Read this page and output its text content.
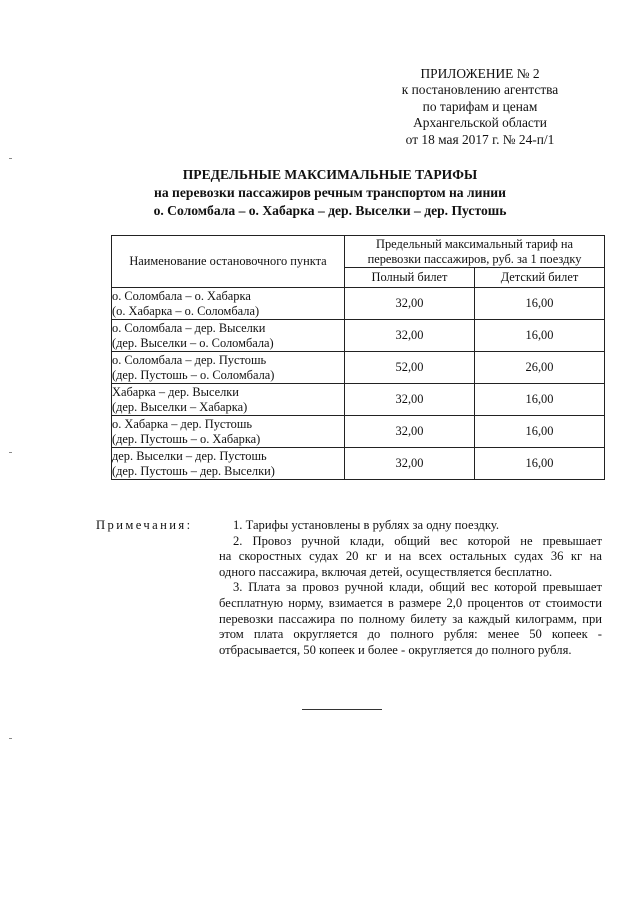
ПРИЛОЖЕНИЕ № 2
к постановлению агентства
по тарифам и ценам
Архангельской области
от 18 мая 2017 г. № 24-п/1
ПРЕДЕЛЬНЫЕ МАКСИМАЛЬНЫЕ ТАРИФЫ
на перевозки пассажиров речным транспортом на линии
о. Соломбала – о. Хабарка – дер. Выселки – дер. Пустошь
Наименование остановочного пункта	Предельный максимальный тариф на
перевозки пассажиров, руб. за 1 поездку	

	Полный билет	Детский билет

о. Соломбала – о. Хабарка
(о. Хабарка – о. Соломбала)	32,00	16,00

о. Соломбала – дер. Выселки
(дер. Выселки – о. Соломбала)	32,00	16,00

о. Соломбала – дер. Пустошь
(дер. Пустошь – о. Соломбала)	52,00	26,00

Хабарка – дер. Выселки
(дер. Выселки – Хабарка)	32,00	16,00

о. Хабарка – дер. Пустошь
(дер. Пустошь – о. Хабарка)	32,00	16,00

дер. Выселки – дер. Пустошь
(дер. Пустошь – дер. Выселки)	32,00	16,00
Примечания:	1. Тарифы установлены в рублях за одну поездку.
2. Провоз ручной клади, общий вес которой не превышает
на скоростных судах 20 кг и на всех остальных судах 36 кг на
одного пассажира, включая детей, осуществляется бесплатно.
3. Плата за провоз ручной клади, общий вес которой превышает
бесплатную норму, взимается в размере 2,0 процентов от стоимости
перевозки пассажира по полному билету за каждый килограмм, при
этом плата округляется до полного рубля: менее 50 копеек -
отбрасывается, 50 копеек и более - округляется до полного рубля.
